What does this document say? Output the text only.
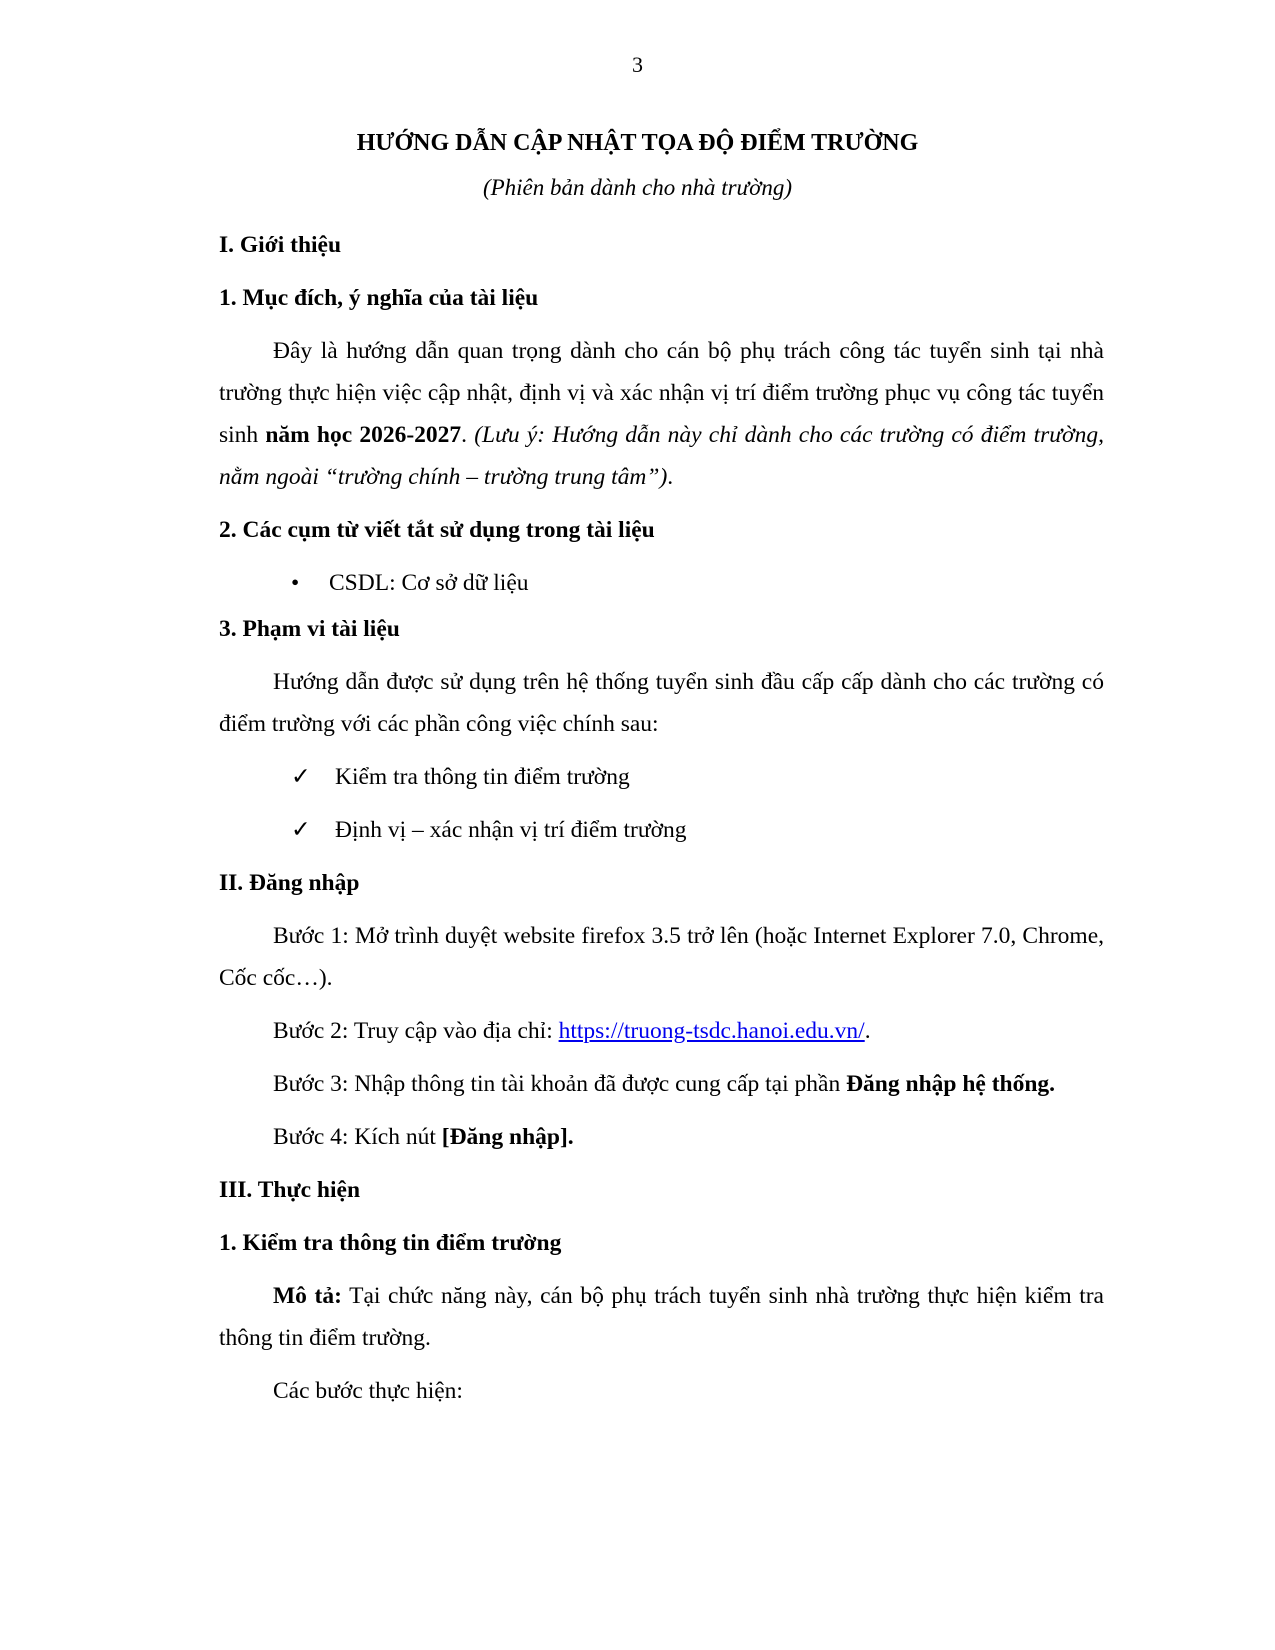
3
HƯỚNG DẪN CẬP NHẬT TỌA ĐỘ ĐIỂM TRƯỜNG
(Phiên bản dành cho nhà trường)
I. Giới thiệu
1. Mục đích, ý nghĩa của tài liệu
Đây là hướng dẫn quan trọng dành cho cán bộ phụ trách công tác tuyển sinh tại nhà trường thực hiện việc cập nhật, định vị và xác nhận vị trí điểm trường phục vụ công tác tuyển sinh năm học 2026-2027. (Lưu ý: Hướng dẫn này chỉ dành cho các trường có điểm trường, nằm ngoài “trường chính – trường trung tâm”).
2. Các cụm từ viết tắt sử dụng trong tài liệu
•	CSDL: Cơ sở dữ liệu
3. Phạm vi tài liệu
Hướng dẫn được sử dụng trên hệ thống tuyển sinh đầu cấp cấp dành cho các trường có điểm trường với các phần công việc chính sau:
✓	Kiểm tra thông tin điểm trường
✓	Định vị – xác nhận vị trí điểm trường
II. Đăng nhập
Bước 1: Mở trình duyệt website firefox 3.5 trở lên (hoặc Internet Explorer 7.0, Chrome, Cốc cốc…).
Bước 2: Truy cập vào địa chỉ: https://truong-tsdc.hanoi.edu.vn/.
Bước 3: Nhập thông tin tài khoản đã được cung cấp tại phần Đăng nhập hệ thống.
Bước 4: Kích nút [Đăng nhập].
III. Thực hiện
1. Kiểm tra thông tin điểm trường
Mô tả: Tại chức năng này, cán bộ phụ trách tuyển sinh nhà trường thực hiện kiểm tra thông tin điểm trường.
Các bước thực hiện:
